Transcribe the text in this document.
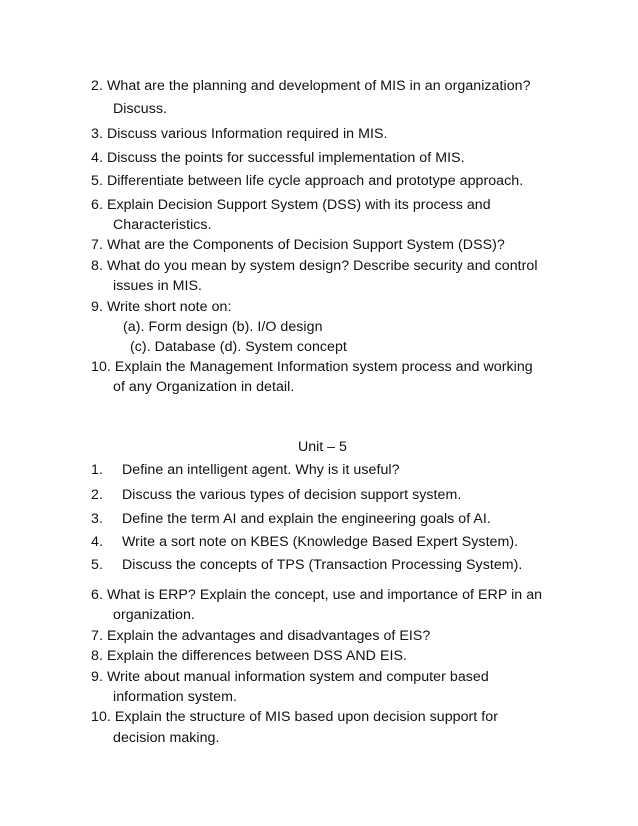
2. What are the planning and development of MIS in an organization?
Discuss.
3. Discuss various Information required in MIS.
4. Discuss the points for successful implementation of MIS.
5. Differentiate between life cycle approach and prototype approach.
6. Explain Decision Support System (DSS) with its process and
Characteristics.
7. What are the Components of Decision Support System (DSS)?
8. What do you mean by system design? Describe security and control
issues in MIS.
9. Write short note on:
(a). Form design (b). I/O design
(c). Database (d). System concept
10. Explain the Management Information system process and working
of any Organization in detail.
Unit – 5
1. Define an intelligent agent. Why is it useful?
2. Discuss the various types of decision support system.
3. Define the term AI and explain the engineering goals of AI.
4. Write a sort note on KBES (Knowledge Based Expert System).
5. Discuss the concepts of TPS (Transaction Processing System).
6. What is ERP? Explain the concept, use and importance of ERP in an
organization.
7. Explain the advantages and disadvantages of EIS?
8. Explain the differences between DSS AND EIS.
9. Write about manual information system and computer based
information system.
10. Explain the structure of MIS based upon decision support for
decision making.
